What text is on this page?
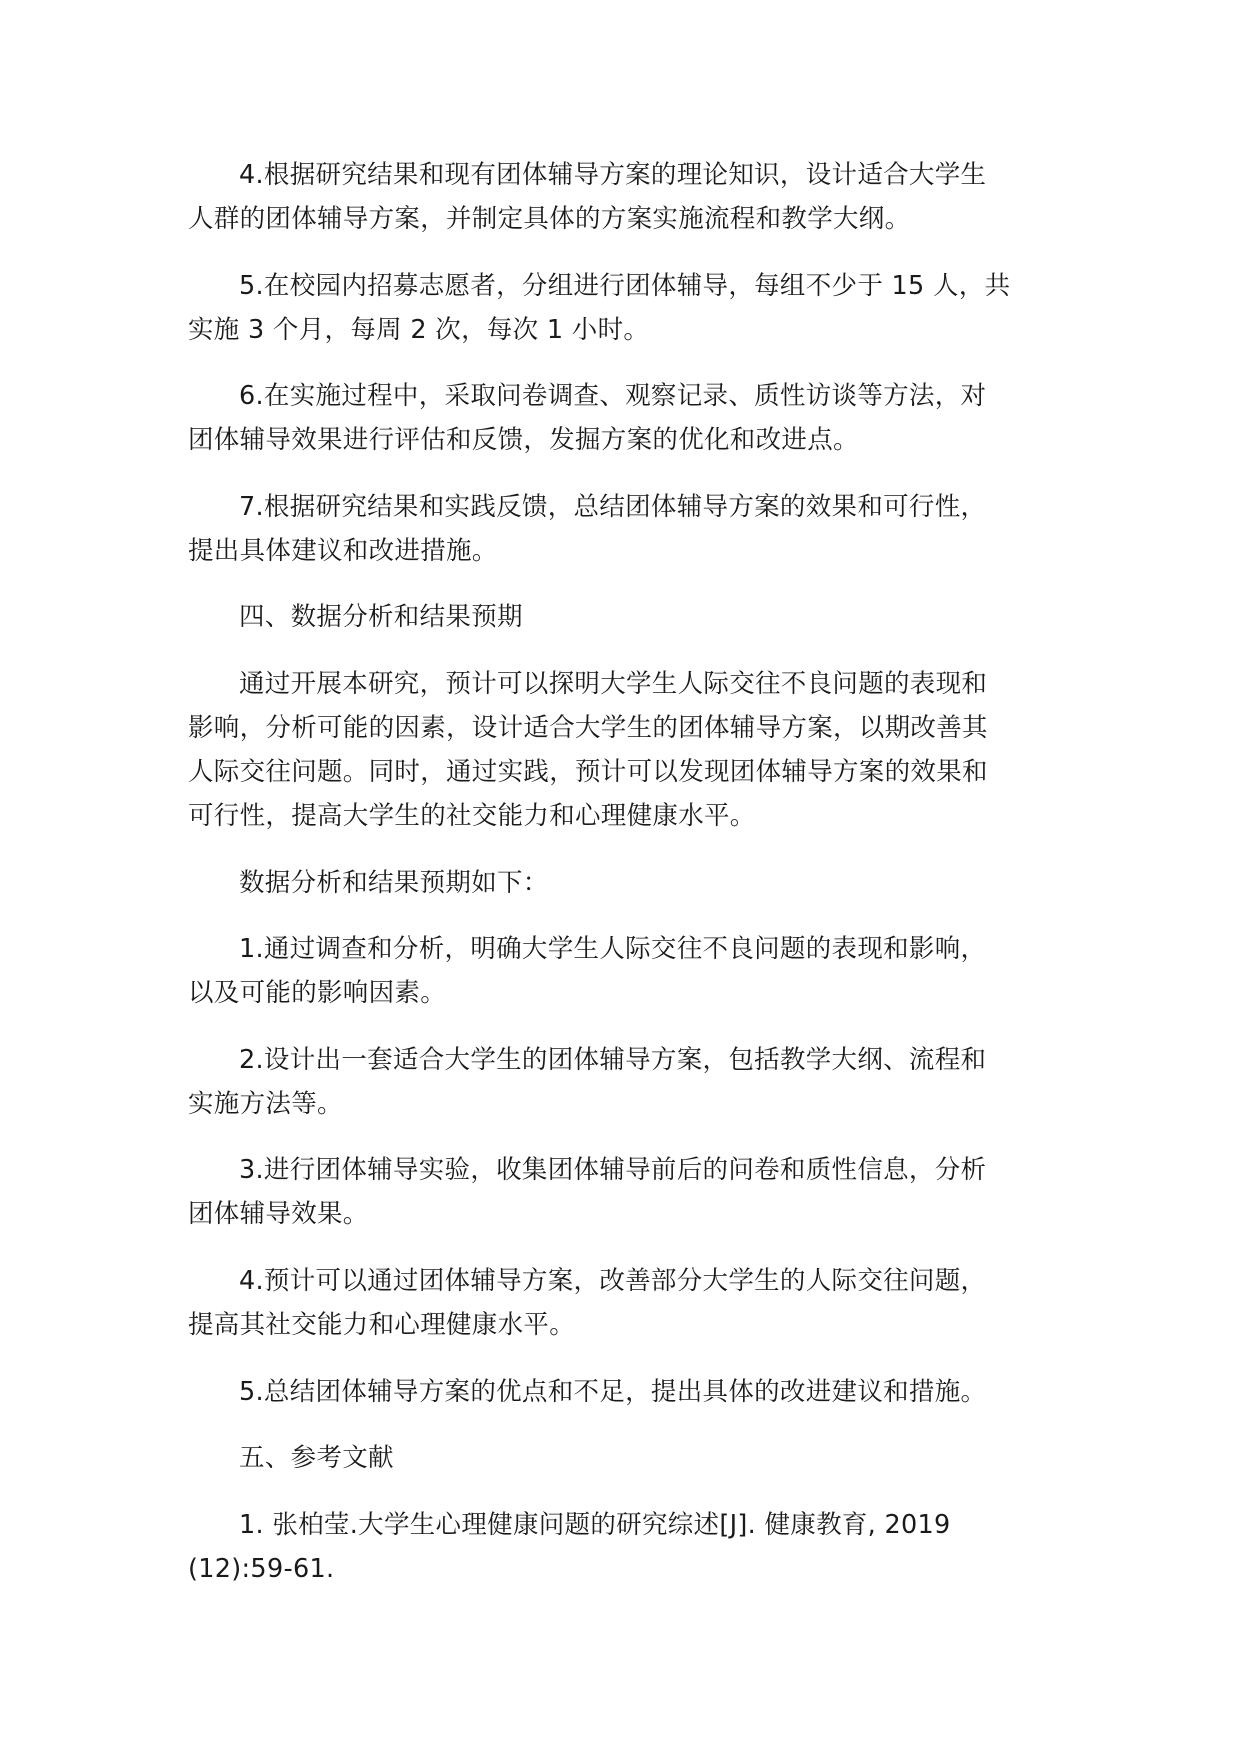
4.根据研究结果和现有团体辅导方案的理论知识，设计适合大学生
人群的团体辅导方案，并制定具体的方案实施流程和教学大纲。

5.在校园内招募志愿者，分组进行团体辅导，每组不少于 15 人，共
实施 3 个月，每周 2 次，每次 1 小时。

6.在实施过程中，采取问卷调查、观察记录、质性访谈等方法，对
团体辅导效果进行评估和反馈，发掘方案的优化和改进点。

7.根据研究结果和实践反馈，总结团体辅导方案的效果和可行性，
提出具体建议和改进措施。

四、数据分析和结果预期

通过开展本研究，预计可以探明大学生人际交往不良问题的表现和
影响，分析可能的因素，设计适合大学生的团体辅导方案，以期改善其
人际交往问题。同时，通过实践，预计可以发现团体辅导方案的效果和
可行性，提高大学生的社交能力和心理健康水平。

数据分析和结果预期如下：

1.通过调查和分析，明确大学生人际交往不良问题的表现和影响，
以及可能的影响因素。

2.设计出一套适合大学生的团体辅导方案，包括教学大纲、流程和
实施方法等。

3.进行团体辅导实验，收集团体辅导前后的问卷和质性信息，分析
团体辅导效果。

4.预计可以通过团体辅导方案，改善部分大学生的人际交往问题，
提高其社交能力和心理健康水平。

5.总结团体辅导方案的优点和不足，提出具体的改进建议和措施。

五、参考文献

1. 张柏莹.大学生心理健康问题的研究综述[J]. 健康教育, 2019
(12):59-61.
